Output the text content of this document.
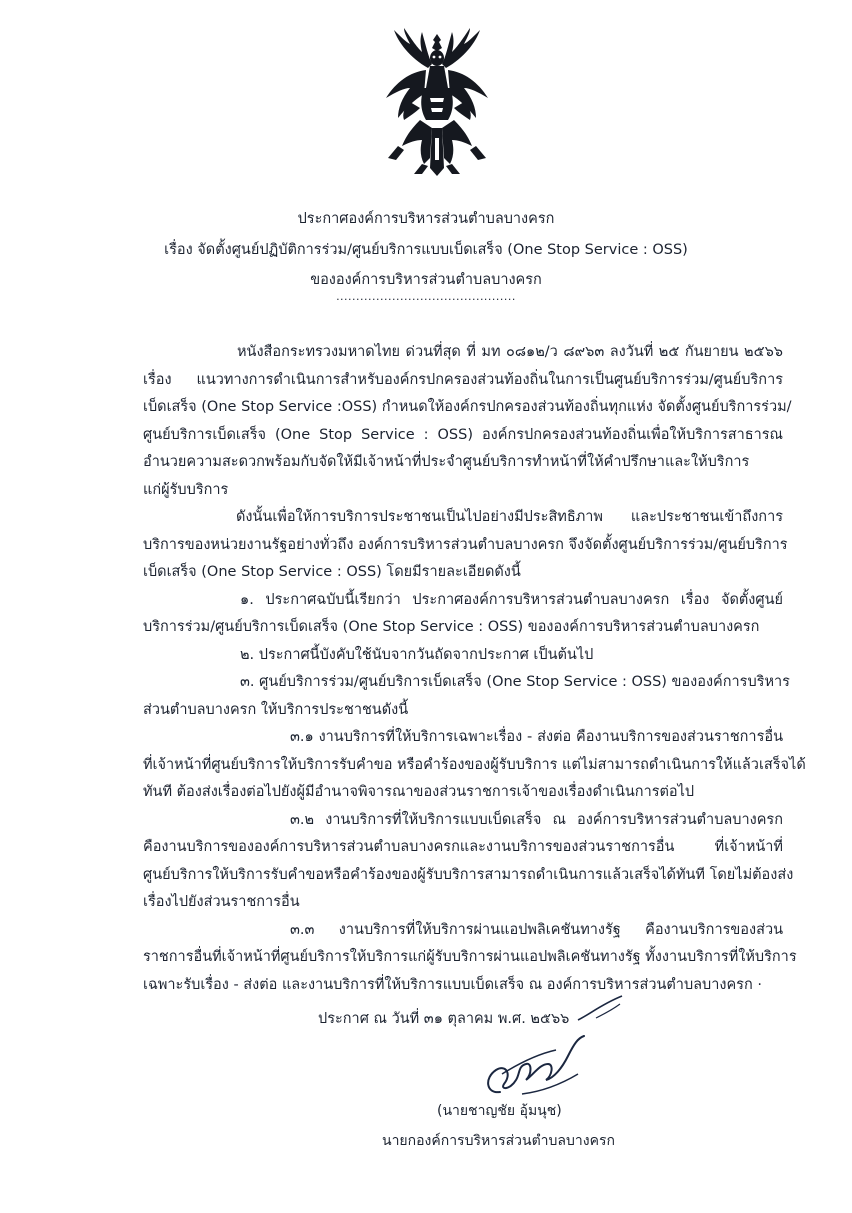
ประกาศองค์การบริหารส่วนตำบลบางครก
เรื่อง จัดตั้งศูนย์ปฏิบัติการร่วม/ศูนย์บริการแบบเบ็ดเสร็จ (One Stop Service : OSS)
ขององค์การบริหารส่วนตำบลบางครก
.............................................
หนังสือกระทรวงมหาดไทย ด่วนที่สุด ที่ มท ๐๘๑๒/ว ๘๙๖๓ ลงวันที่ ๒๕ กันยายน ๒๕๖๖
เรื่อง แนวทางการดำเนินการสำหรับองค์กรปกครองส่วนท้องถิ่นในการเป็นศูนย์บริการร่วม/ศูนย์บริการ
เบ็ดเสร็จ (One Stop Service :OSS) กำหนดให้องค์กรปกครองส่วนท้องถิ่นทุกแห่ง จัดตั้งศูนย์บริการร่วม/
ศูนย์บริการเบ็ดเสร็จ (One Stop Service : OSS) องค์กรปกครองส่วนท้องถิ่นเพื่อให้บริการสาธารณ
อำนวยความสะดวกพร้อมกับจัดให้มีเจ้าหน้าที่ประจำศูนย์บริการทำหน้าที่ให้คำปรึกษาและให้บริการ
แก่ผู้รับบริการ
ดังนั้นเพื่อให้การบริการประชาชนเป็นไปอย่างมีประสิทธิภาพ และประชาชนเข้าถึงการ
บริการของหน่วยงานรัฐอย่างทั่วถึง องค์การบริหารส่วนตำบลบางครก จึงจัดตั้งศูนย์บริการร่วม/ศูนย์บริการ
เบ็ดเสร็จ (One Stop Service : OSS) โดยมีรายละเอียดดังนี้
๑. ประกาศฉบับนี้เรียกว่า ประกาศองค์การบริหารส่วนตำบลบางครก เรื่อง จัดตั้งศูนย์
บริการร่วม/ศูนย์บริการเบ็ดเสร็จ (One Stop Service : OSS) ขององค์การบริหารส่วนตำบลบางครก
๒. ประกาศนี้บังคับใช้นับจากวันถัดจากประกาศ เป็นต้นไป
๓. ศูนย์บริการร่วม/ศูนย์บริการเบ็ดเสร็จ (One Stop Service : OSS) ขององค์การบริหาร
ส่วนตำบลบางครก ให้บริการประชาชนดังนี้
๓.๑ งานบริการที่ให้บริการเฉพาะเรื่อง - ส่งต่อ คืองานบริการของส่วนราชการอื่น
ที่เจ้าหน้าที่ศูนย์บริการให้บริการรับคำขอ หรือคำร้องของผู้รับบริการ แต่ไม่สามารถดำเนินการให้แล้วเสร็จได้
ทันที ต้องส่งเรื่องต่อไปยังผู้มีอำนาจพิจารณาของส่วนราชการเจ้าของเรื่องดำเนินการต่อไป
๓.๒ งานบริการที่ให้บริการแบบเบ็ดเสร็จ ณ องค์การบริหารส่วนตำบลบางครก
คืองานบริการขององค์การบริหารส่วนตำบลบางครกและงานบริการของส่วนราชการอื่น ที่เจ้าหน้าที่
ศูนย์บริการให้บริการรับคำขอหรือคำร้องของผู้รับบริการสามารถดำเนินการแล้วเสร็จได้ทันที โดยไม่ต้องส่ง
เรื่องไปยังส่วนราชการอื่น
๓.๓ งานบริการที่ให้บริการผ่านแอปพลิเคชันทางรัฐ คืองานบริการของส่วน
ราชการอื่นที่เจ้าหน้าที่ศูนย์บริการให้บริการแก่ผู้รับบริการผ่านแอปพลิเคชันทางรัฐ ทั้งงานบริการที่ให้บริการ
เฉพาะรับเรื่อง - ส่งต่อ และงานบริการที่ให้บริการแบบเบ็ดเสร็จ ณ องค์การบริหารส่วนตำบลบางครก ·
ประกาศ ณ วันที่ ๓๑ ตุลาคม พ.ศ. ๒๕๖๖
(นายชาญชัย อุ้มนุช)
นายกองค์การบริหารส่วนตำบลบางครก
